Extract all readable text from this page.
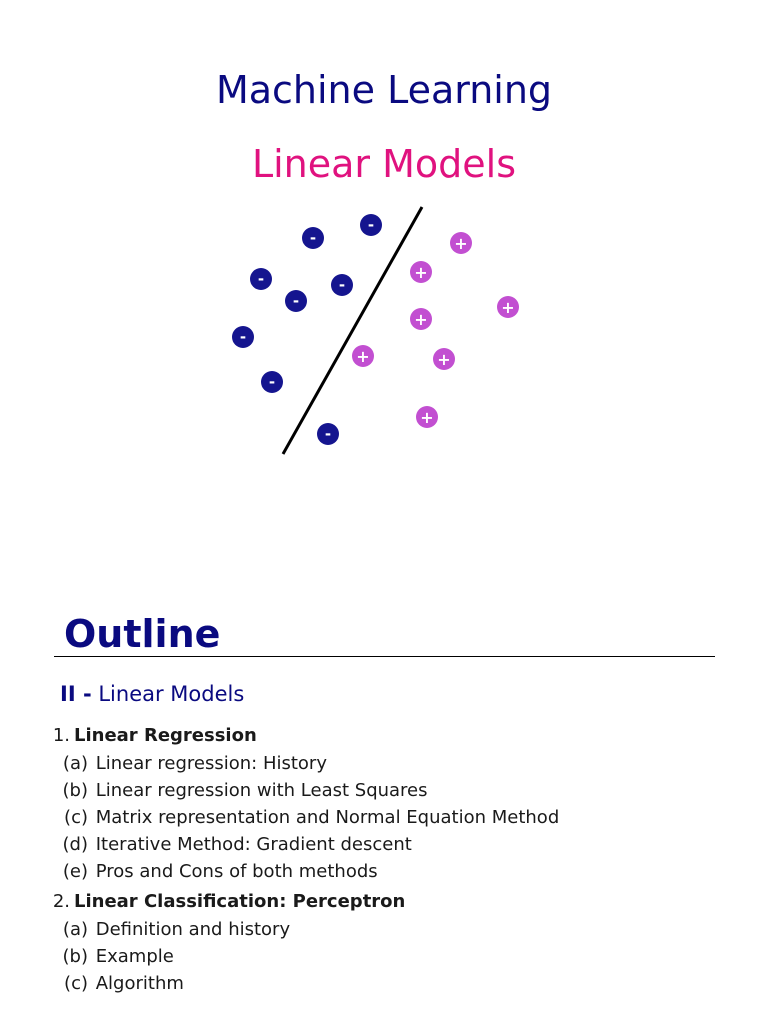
Machine Learning
Linear Models
-
-
-	-
-
-
-
-
+
+
+
+
+	+
+
Outline
II - Linear Models
1. Linear Regression
(a) Linear regression: History
(b) Linear regression with Least Squares
(c) Matrix representation and Normal Equation Method
(d) Iterative Method: Gradient descent
(e) Pros and Cons of both methods
2. Linear Classification: Perceptron
(a) Definition and history
(b) Example
(c) Algorithm
